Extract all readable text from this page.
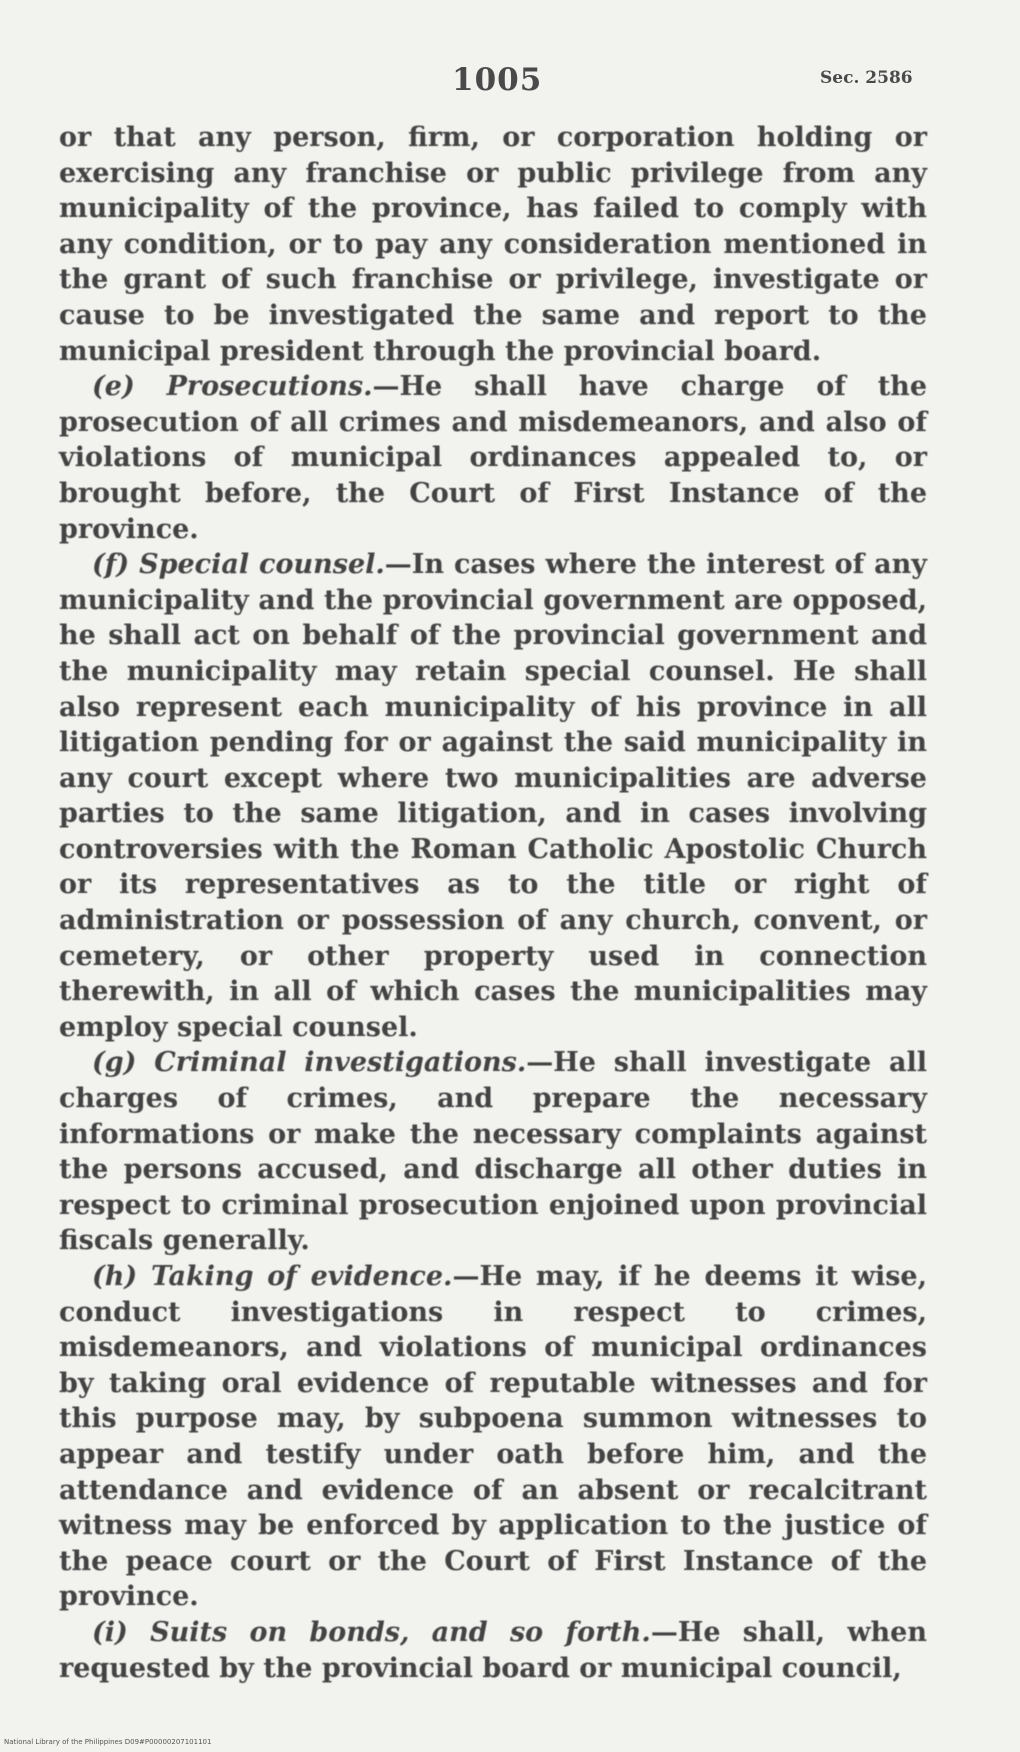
1005	Sec. 2586

or that any person, firm, or corporation holding or exercising any franchise or public privilege from any municipality of the province, has failed to comply with any condition, or to pay any consideration mentioned in the grant of such franchise or privilege, investigate or cause to be investigated the same and report to the municipal president through the provincial board.

(e) Prosecutions.—He shall have charge of the prosecution of all crimes and misdemeanors, and also of violations of municipal ordinances appealed to, or brought before, the Court of First Instance of the province.

(f) Special counsel.—In cases where the interest of any municipality and the provincial government are opposed, he shall act on behalf of the provincial government and the municipality may retain special counsel. He shall also represent each municipality of his province in all litigation pending for or against the said municipality in any court except where two municipalities are adverse parties to the same litigation, and in cases involving controversies with the Roman Catholic Apostolic Church or its representatives as to the title or right of administration or possession of any church, convent, or cemetery, or other property used in connection therewith, in all of which cases the municipalities may employ special counsel.

(g) Criminal investigations.—He shall investigate all charges of crimes, and prepare the necessary informations or make the necessary complaints against the persons accused, and discharge all other duties in respect to criminal prosecution enjoined upon provincial fiscals generally.

(h) Taking of evidence.—He may, if he deems it wise, conduct investigations in respect to crimes, misdemeanors, and violations of municipal ordinances by taking oral evidence of reputable witnesses and for this purpose may, by subpoena summon witnesses to appear and testify under oath before him, and the attendance and evidence of an absent or recalcitrant witness may be enforced by application to the justice of the peace court or the Court of First Instance of the province.

(i) Suits on bonds, and so forth.—He shall, when requested by the provincial board or municipal council,

National Library of the Philippines D09#P00000207101101
